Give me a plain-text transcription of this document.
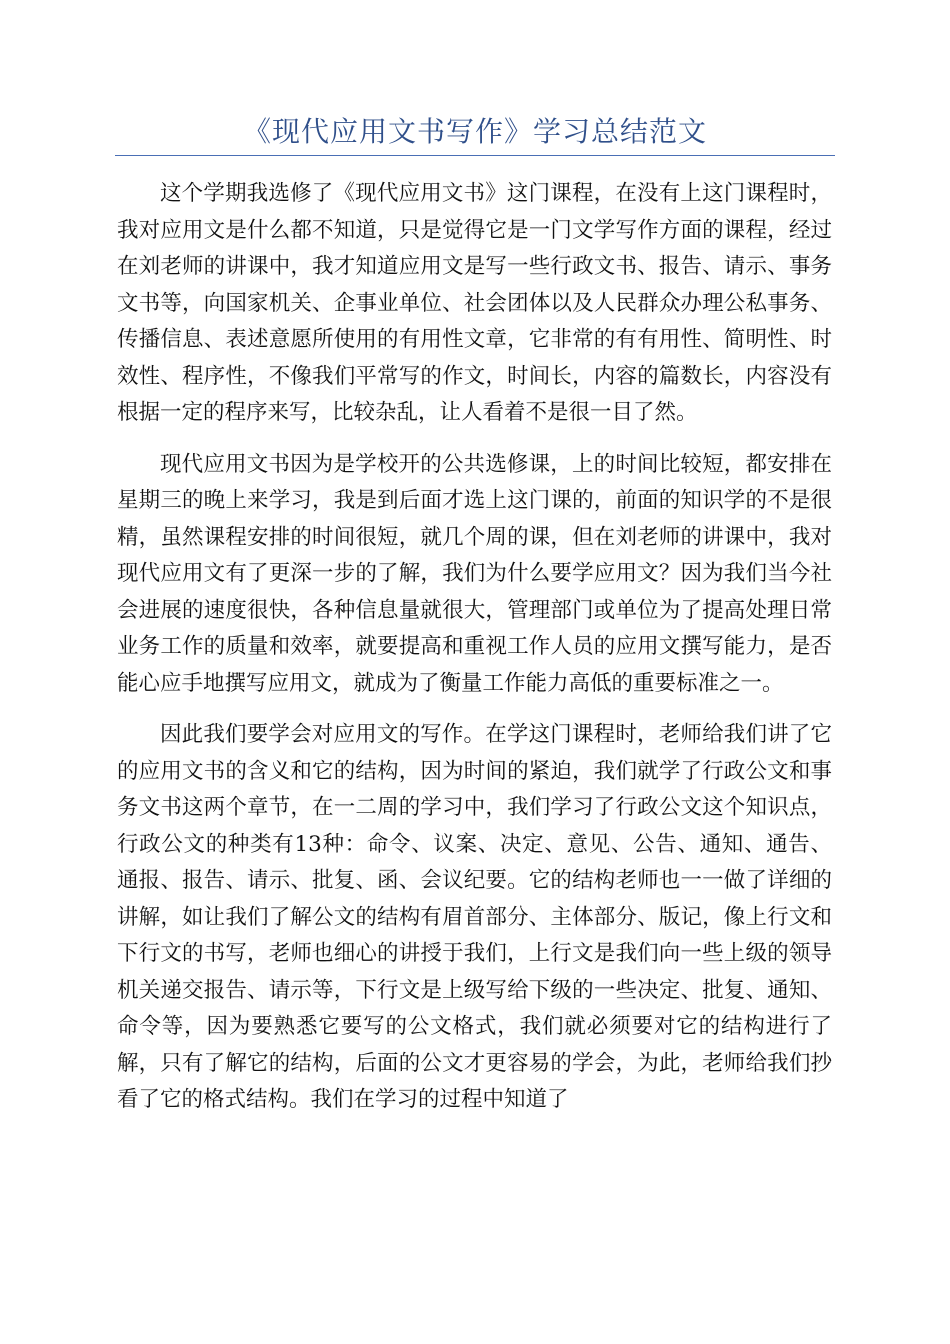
《现代应用文书写作》学习总结范文

这个学期我选修了《现代应用文书》这门课程，在没有上这门课程时，我对应用文是什么都不知道，只是觉得它是一门文学写作方面的课程，经过在刘老师的讲课中，我才知道应用文是写一些行政文书、报告、请示、事务文书等，向国家机关、企事业单位、社会团体以及人民群众办理公私事务、传播信息、表述意愿所使用的有用性文章，它非常的有有用性、简明性、时效性、程序性，不像我们平常写的作文，时间长，内容的篇数长，内容没有根据一定的程序来写，比较杂乱，让人看着不是很一目了然。

现代应用文书因为是学校开的公共选修课，上的时间比较短，都安排在星期三的晚上来学习，我是到后面才选上这门课的，前面的知识学的不是很精，虽然课程安排的时间很短，就几个周的课，但在刘老师的讲课中，我对现代应用文有了更深一步的了解，我们为什么要学应用文？因为我们当今社会进展的速度很快，各种信息量就很大，管理部门或单位为了提高处理日常业务工作的质量和效率，就要提高和重视工作人员的应用文撰写能力，是否能心应手地撰写应用文，就成为了衡量工作能力高低的重要标准之一。

因此我们要学会对应用文的写作。在学这门课程时，老师给我们讲了它的应用文书的含义和它的结构，因为时间的紧迫，我们就学了行政公文和事务文书这两个章节，在一二周的学习中，我们学习了行政公文这个知识点，行政公文的种类有13种：命令、议案、决定、意见、公告、通知、通告、通报、报告、请示、批复、函、会议纪要。它的结构老师也一一做了详细的讲解，如让我们了解公文的结构有眉首部分、主体部分、版记，像上行文和下行文的书写，老师也细心的讲授于我们，上行文是我们向一些上级的领导机关递交报告、请示等，下行文是上级写给下级的一些决定、批复、通知、命令等，因为要熟悉它要写的公文格式，我们就必须要对它的结构进行了解，只有了解它的结构，后面的公文才更容易的学会，为此，老师给我们抄看了它的格式结构。我们在学习的过程中知道了
